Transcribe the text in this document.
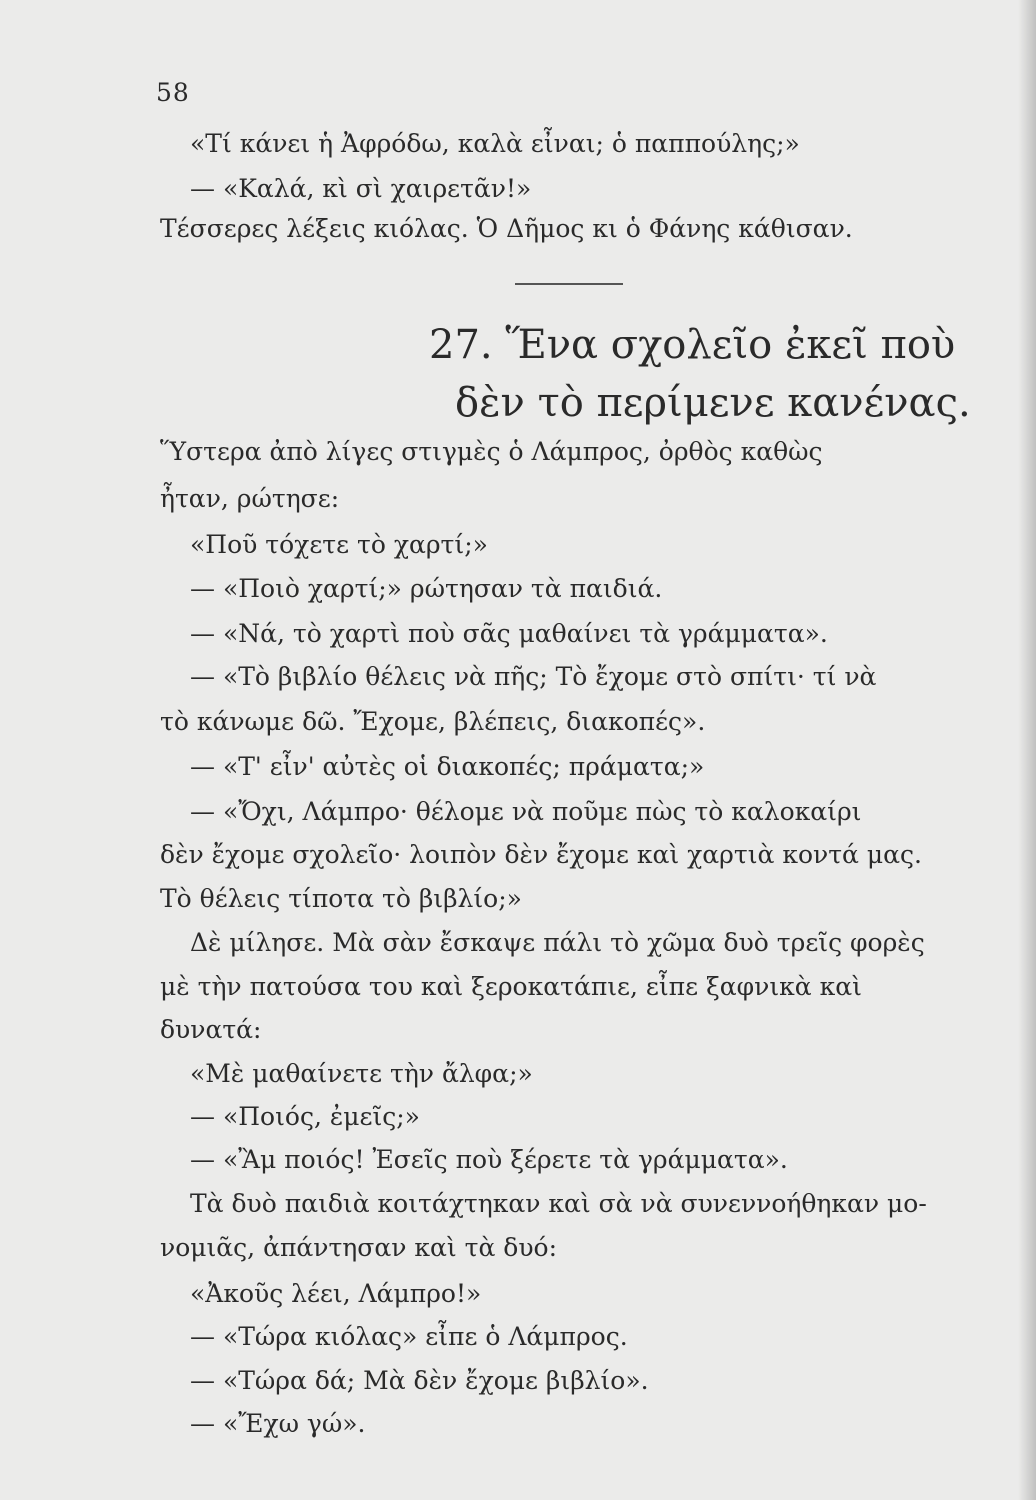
58
«Τί κάνει ἡ Ἀφρόδω, καλὰ εἶναι; ὁ παππούλης;»
— «Καλά, κὶ σὶ χαιρετᾶν!»
Τέσσερες λέξεις κιόλας. Ὁ Δῆμος κι ὁ Φάνης κάθισαν.
27. Ἕνα σχολεῖο ἐκεῖ ποὺ
δὲν τὸ περίμενε κανένας.
Ὕστερα ἀπὸ λίγες στιγμὲς ὁ Λάμπρος, ὀρθὸς καθὼς
ἦταν, ρώτησε:
«Ποῦ τόχετε τὸ χαρτί;»
— «Ποιὸ χαρτί;» ρώτησαν τὰ παιδιά.
— «Νά, τὸ χαρτὶ ποὺ σᾶς μαθαίνει τὰ γράμματα».
— «Τὸ βιβλίο θέλεις νὰ πῆς; Τὸ ἔχομε στὸ σπίτι· τί νὰ
τὸ κάνωμε δῶ. Ἔχομε, βλέπεις, διακοπές».
— «Τ' εἶν' αὐτὲς οἱ διακοπές; πράματα;»
— «Ὄχι, Λάμπρο· θέλομε νὰ ποῦμε πὼς τὸ καλοκαίρι
δὲν ἔχομε σχολεῖο· λοιπὸν δὲν ἔχομε καὶ χαρτιὰ κοντά μας.
Τὸ θέλεις τίποτα τὸ βιβλίο;»
Δὲ μίλησε. Μὰ σὰν ἔσκαψε πάλι τὸ χῶμα δυὸ τρεῖς φορὲς
μὲ τὴν πατούσα του καὶ ξεροκατάπιε, εἶπε ξαφνικὰ καὶ
δυνατά:
«Μὲ μαθαίνετε τὴν ἄλφα;»
— «Ποιός, ἐμεῖς;»
— «Ἂμ ποιός! Ἐσεῖς ποὺ ξέρετε τὰ γράμματα».
Τὰ δυὸ παιδιὰ κοιτάχτηκαν καὶ σὰ νὰ συνεννοήθηκαν μο-
νομιᾶς, ἀπάντησαν καὶ τὰ δυό:
«Ἀκοῦς λέει, Λάμπρο!»
— «Τώρα κιόλας» εἶπε ὁ Λάμπρος.
— «Τώρα δά; Μὰ δὲν ἔχομε βιβλίο».
— «Ἔχω γώ».
